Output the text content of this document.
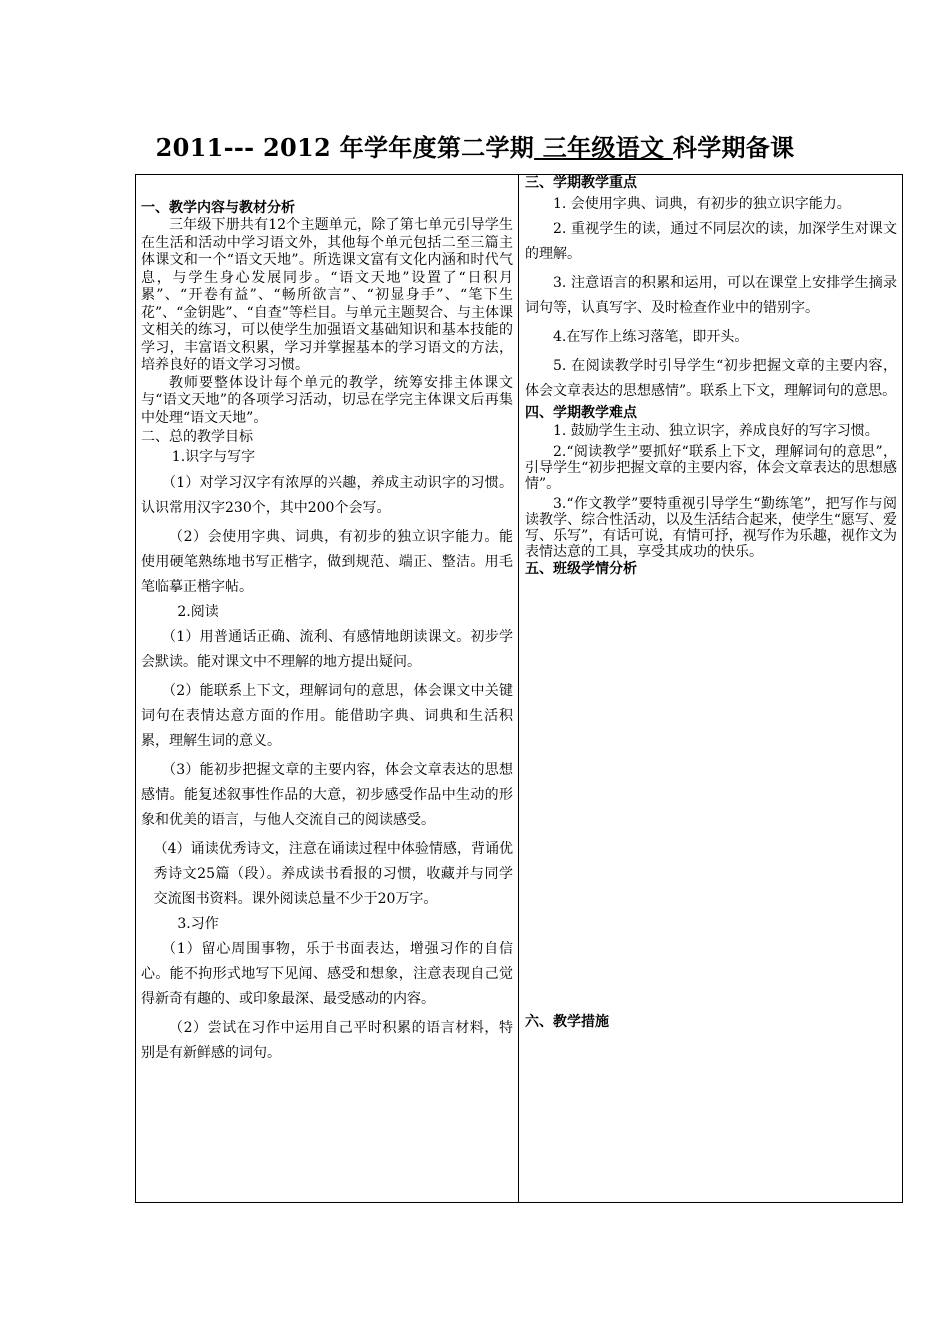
2011--- 2012 年学年度第二学期 三年级语文 科学期备课
一、教学内容与教材分析

三年级下册共有12个主题单元，除了第七单元引导学生在生活和活动中学习语文外，其他每个单元包括二至三篇主体课文和一个“语文天地”。所选课文富有文化内涵和时代气息，与学生身心发展同步。“语文天地”设置了“日积月累”、“开卷有益”、“畅所欲言”、“初显身手”、“笔下生花”、“金钥匙”、“自查”等栏目。与单元主题契合、与主体课文相关的练习，可以使学生加强语文基础知识和基本技能的学习，丰富语文积累，学习并掌握基本的学习语文的方法，培养良好的语文学习习惯。

教师要整体设计每个单元的教学，统筹安排主体课文与“语文天地”的各项学习活动，切忌在学完主体课文后再集中处理“语文天地”。

二、总的教学目标
1.识字与写字

（1）对学习汉字有浓厚的兴趣，养成主动识字的习惯。认识常用汉字230个，其中200个会写。

（2）会使用字典、词典，有初步的独立识字能力。能使用硬笔熟练地书写正楷字，做到规范、端正、整洁。用毛笔临摹正楷字帖。

2.阅读

（1）用普通话正确、流利、有感情地朗读课文。初步学会默读。能对课文中不理解的地方提出疑问。

（2）能联系上下文，理解词句的意思，体会课文中关键词句在表情达意方面的作用。能借助字典、词典和生活积累，理解生词的意义。

（3）能初步把握文章的主要内容，体会文章表达的思想感情。能复述叙事性作品的大意，初步感受作品中生动的形象和优美的语言，与他人交流自己的阅读感受。

（4）诵读优秀诗文，注意在诵读过程中体验情感，背诵优秀诗文25篇（段）。养成读书看报的习惯，收藏并与同学交流图书资料。课外阅读总量不少于20万字。

3.习作

（1）留心周围事物，乐于书面表达，增强习作的自信心。能不拘形式地写下见闻、感受和想象，注意表现自己觉得新奇有趣的、或印象最深、最受感动的内容。

（2）尝试在习作中运用自己平时积累的语言材料，特别是有新鲜感的词句。

三、学期教学重点

1. 会使用字典、词典，有初步的独立识字能力。

2. 重视学生的读，通过不同层次的读，加深学生对课文的理解。

3. 注意语言的积累和运用，可以在课堂上安排学生摘录词句等，认真写字、及时检查作业中的错别字。

4.在写作上练习落笔，即开头。

5. 在阅读教学时引导学生“初步把握文章的主要内容，体会文章表达的思想感情”。联系上下文，理解词句的意思。

四、学期教学难点

1. 鼓励学生主动、独立识字，养成良好的写字习惯。

2.“阅读教学”要抓好“联系上下文，理解词句的意思”，引导学生“初步把握文章的主要内容，体会文章表达的思想感情”。

3.“作文教学”要特重视引导学生“勤练笔”，把写作与阅读教学、综合性活动，以及生活结合起来，使学生“愿写、爱写、乐写”，有话可说，有情可抒，视写作为乐趣，视作文为表情达意的工具，享受其成功的快乐。

五、班级学情分析
六、教学措施
